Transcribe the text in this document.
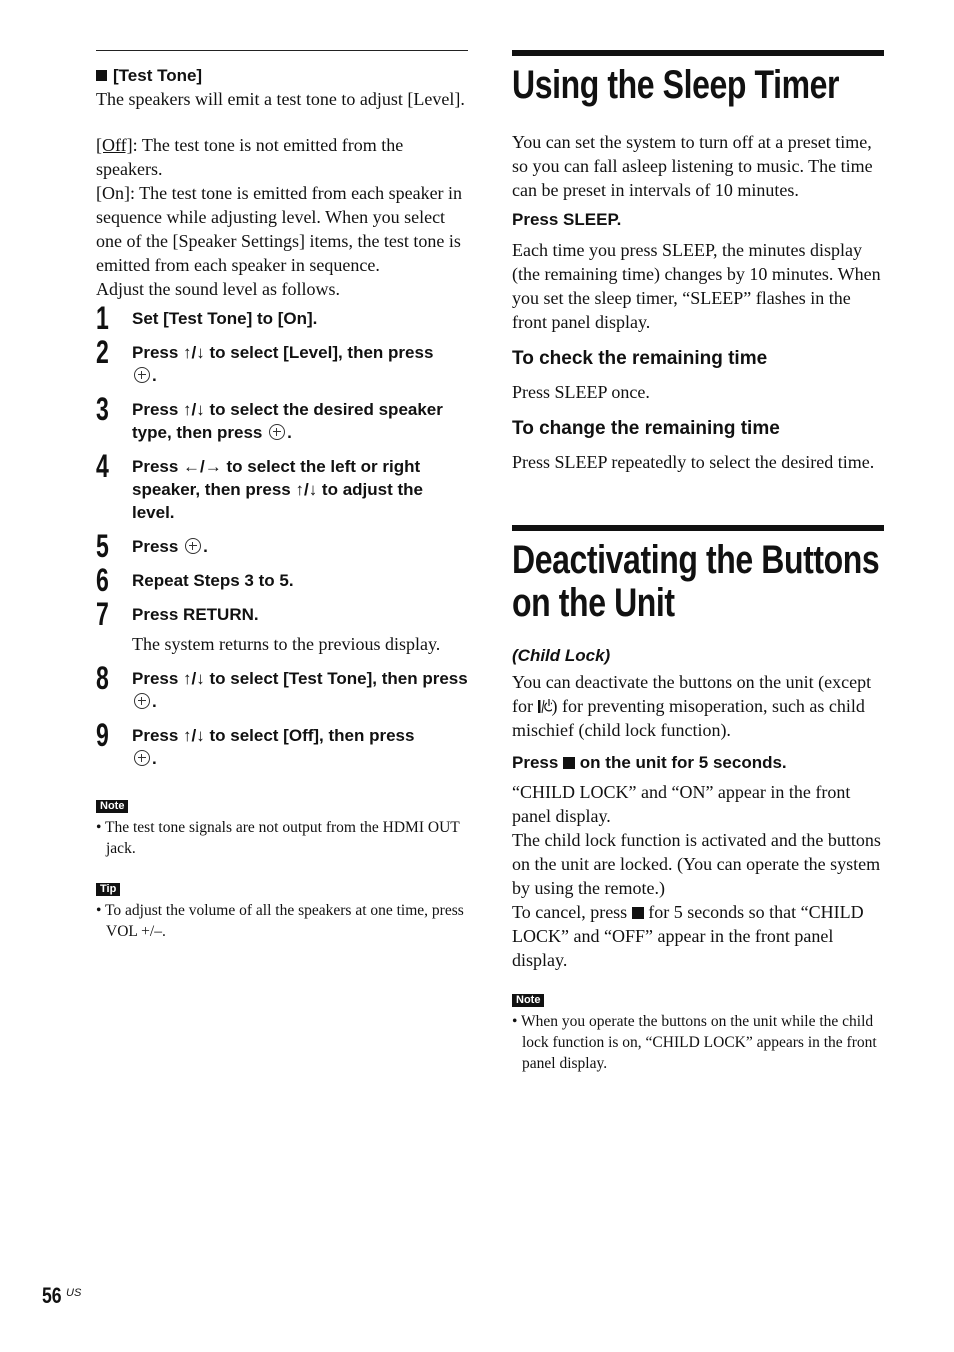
[Test Tone]
The speakers will emit a test tone to adjust [Level].
[Off]: The test tone is not emitted from the speakers.
[On]: The test tone is emitted from each speaker in sequence while adjusting level. When you select one of the [Speaker Settings] items, the test tone is emitted from each speaker in sequence.
Adjust the sound level as follows.
1 Set [Test Tone] to [On].
2 Press ↑/↓ to select [Level], then press
.
3 Press ↑/↓ to select the desired speaker type, then press .
4 Press ←/→ to select the left or right speaker, then press ↑/↓ to adjust the level.
5 Press .
6 Repeat Steps 3 to 5.
7 Press RETURN.
The system returns to the previous display.
8 Press ↑/↓ to select [Test Tone], then press .
9 Press ↑/↓ to select [Off], then press
.
Note
• The test tone signals are not output from the HDMI OUT jack.
Tip
• To adjust the volume of all the speakers at one time, press VOL +/–.
Using the Sleep Timer
You can set the system to turn off at a preset time, so you can fall asleep listening to music. The time can be preset in intervals of 10 minutes.
Press SLEEP.
Each time you press SLEEP, the minutes display (the remaining time) changes by 10 minutes. When you set the sleep timer, “SLEEP” flashes in the front panel display.
To check the remaining time
Press SLEEP once.
To change the remaining time
Press SLEEP repeatedly to select the desired time.
Deactivating the Buttons
on the Unit
(Child Lock)
You can deactivate the buttons on the unit (except for ) for preventing misoperation, such as child mischief (child lock function).
Press on the unit for 5 seconds.
“CHILD LOCK” and “ON” appear in the front panel display.
The child lock function is activated and the buttons on the unit are locked. (You can operate the system by using the remote.)
To cancel, press for 5 seconds so that “CHILD LOCK” and “OFF” appear in the front panel display.
Note
• When you operate the buttons on the unit while the child lock function is on, “CHILD LOCK” appears in the front panel display.
56 US
